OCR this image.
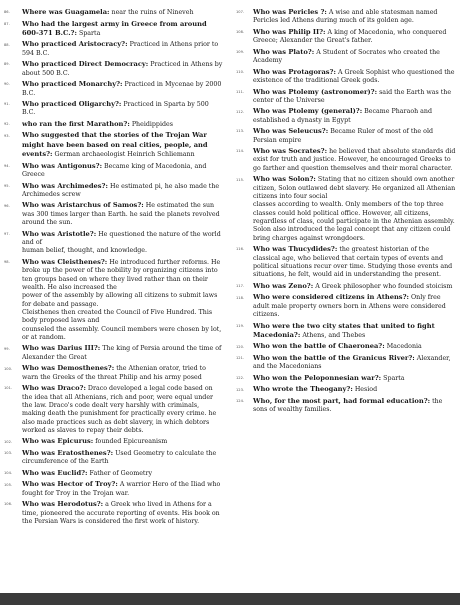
86.	Where was Guagamela: near the ruins of Nineveh
87.	Who had the largest army in Greece from around 600-371 B.C.?: Sparta
88.	Who practiced Aristocracy?: Practiced in Athens prior to 594 B.C.
89.	Who practiced Direct Democracy: Practiced in Athens by about 500 B.C.
90.	Who practiced Monarchy?: Practiced in Mycenae by 2000 B.C.
91.	Who practiced Oligarchy?: Practiced in Sparta by 500 B.C.
92.	who ran the first Marathon?: Pheidippides
93.	Who suggested that the stories of the Trojan War might have been based on real cities, people, and events?: German archaeologist Heinrich Schliemann
94.	Who was Antigonus?: Became king of Macedonia, and Greece
95.	Who was Archimedes?: He estimated pi, he also made the Archimedes screw
96.	Who was Aristarchus of Samos?: He estimated the sun was 300 times larger than Earth. he said the planets revolved around the sun.
97.	Who was Aristotle?: He questioned the nature of the world and of
human belief, thought, and knowledge.
98.	Who was Cleisthenes?: He introduced further reforms. He broke up the power of the nobility by organizing citizens into ten groups based on where they lived rather than on their wealth. He also increased the
power of the assembly by allowing all citizens to submit laws for debate and passage.
Cleisthenes then created the Council of Five Hundred. This body proposed laws and
counseled the assembly. Council members were chosen by lot, or at random.
99.	Who was Darius III?: The king of Persia around the time of Alexander the Great
100.	Who was Demosthenes?: the Athenian orator, tried to warn the Greeks of the threat Philip and his army posed
101.	Who was Draco?: Draco developed a legal code based on the idea that all Athenians, rich and poor, were equal under the law. Draco's code dealt very harshly with criminals, making death the punishment for practically every crime. he also made practices such as debt slavery, in which debtors worked as slaves to repay their debts.
102.	Who was Epicurus: founded Epicureanism
103.	Who was Eratosthenes?: Used Geometry to calculate the circumference of the Earth
104.	Who was Euclid?: Father of Geometry
105.	Who was Hector of Troy?: A warrior Hero of the Iliad who fought for Troy in the Trojan war.
106.	Who was Herodotus?: a Greek who lived in Athens for a time, pioneered the accurate reporting of events. His book on the Persian Wars is considered the first work of history.
107.	Who was Pericles ?: A wise and able statesman named Pericles led Athens during much of its golden age.
108.	Who was Philip II?: A king of Macedonia, who conquered Greece; Alexander the Great's father.
109.	Who was Plato?: A Student of Socrates who created the Academy
110.	Who was Protagoras?: A Greek Sophist who questioned the existence of the traditional Greek gods.
111.	Who was Ptolemy (astronomer)?: said the Earth was the center of the Universe
112.	Who was Ptolemy (general)?: Became Pharaoh and established a dynasty in Egypt
113.	Who was Seleucus?: Became Ruler of most of the old Persian empire
114.	Who was Socrates?: he believed that absolute standards did exist for truth and justice. However, he encouraged Greeks to go farther and question themselves and their moral character.
115.	Who was Solon?: Stating that no citizen should own another citizen, Solon outlawed debt slavery. He organized all Athenian citizens into four social
classes according to wealth. Only members of the top three classes could hold political office. However, all citizens, regardless of class, could participate in the Athenian assembly. Solon also introduced the legal concept that any citizen could bring charges against wrongdoers.
116.	Who was Thucydides?: the greatest historian of the classical age, who believed that certain types of events and political situations recur over time. Studying those events and situations, he felt, would aid in understanding the present.
117.	Who was Zeno?: A Greek philosopher who founded stoicism
118.	Who were considered citizens in Athens?: Only free adult male property owners born in Athens were considered citizens.
119.	Who were the two city states that united to fight Macedonia?: Athens, and Thebes
120.	Who won the battle of Chaeronea?: Macedonia
121.	Who won the battle of the Granicus River?: Alexander, and the Macedonians
122.	Who won the Peloponnesian war?: Sparta
123.	Who wrote the Theogany?: Hesiod
124.	Who, for the most part, had formal education?: the sons of wealthy families.
